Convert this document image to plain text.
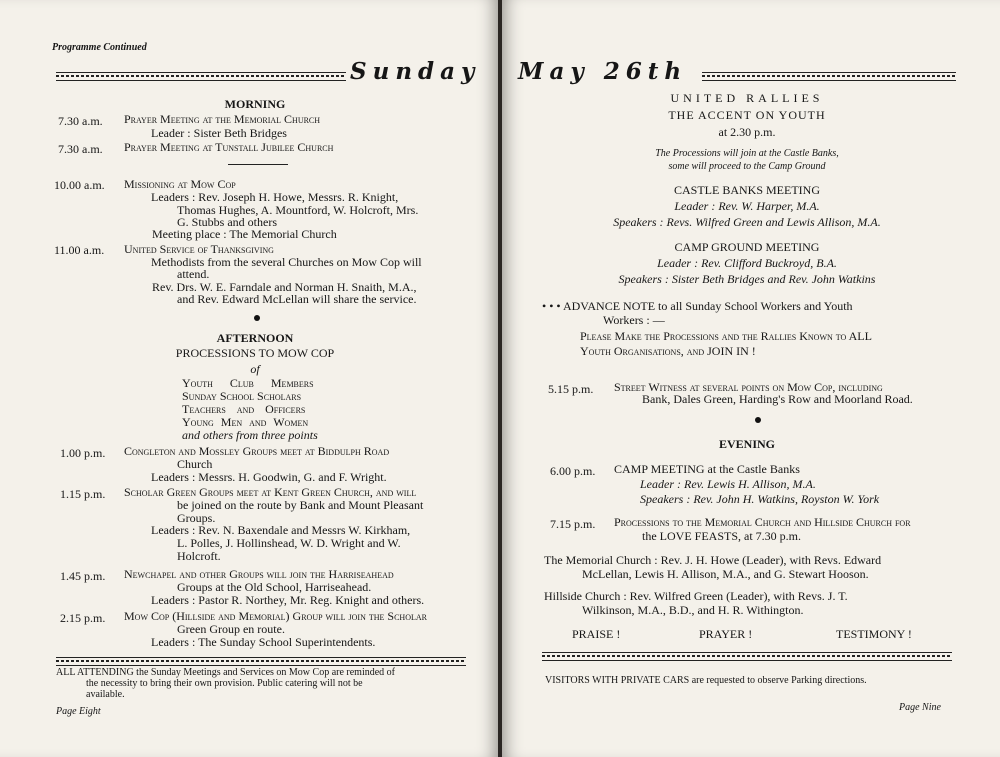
Programme Continued
Sunday
MORNING
7.30 a.m. Prayer Meeting at the Memorial Church
Leader : Sister Beth Bridges
7.30 a.m. Prayer Meeting at Tunstall Jubilee Church
10.00 a.m. Missioning at Mow Cop
Leaders : Rev. Joseph H. Howe, Messrs. R. Knight,
Thomas Hughes, A. Mountford, W. Holcroft, Mrs.
G. Stubbs and others
Meeting place : The Memorial Church
11.00 a.m. United Service of Thanksgiving
Methodists from the several Churches on Mow Cop will
attend.
Rev. Drs. W. E. Farndale and Norman H. Snaith, M.A.,
and Rev. Edward McLellan will share the service.
AFTERNOON
PROCESSIONS TO MOW COP
of
Youth Club Members
Sunday School Scholars
Teachers and Officers
Young Men and Women
and others from three points
1.00 p.m. Congleton and Mossley Groups meet at Biddulph Road
Church
Leaders : Messrs. H. Goodwin, G. and F. Wright.
1.15 p.m. Scholar Green Groups meet at Kent Green Church, and will
be joined on the route by Bank and Mount Pleasant
Groups.
Leaders : Rev. N. Baxendale and Messrs W. Kirkham,
L. Polles, J. Hollinshead, W. D. Wright and W.
Holcroft.
1.45 p.m. Newchapel and other Groups will join the Harriseahead
Groups at the Old School, Harriseahead.
Leaders : Pastor R. Northey, Mr. Reg. Knight and others.
2.15 p.m. Mow Cop (Hillside and Memorial) Group will join the Scholar
Green Group en route.
Leaders : The Sunday School Superintendents.
ALL ATTENDING the Sunday Meetings and Services on Mow Cop are reminded of
the necessity to bring their own provision. Public catering will not be
available.
Page Eight
May 26th
UNITED RALLIES
THE ACCENT ON YOUTH
at 2.30 p.m.
The Processions will join at the Castle Banks,
some will proceed to the Camp Ground
CASTLE BANKS MEETING
Leader : Rev. W. Harper, M.A.
Speakers : Revs. Wilfred Green and Lewis Allison, M.A.
CAMP GROUND MEETING
Leader : Rev. Clifford Buckroyd, B.A.
Speakers : Sister Beth Bridges and Rev. John Watkins
• • • ADVANCE NOTE to all Sunday School Workers and Youth
Workers : —
Please Make the Processions and the Rallies Known to ALL
Youth Organisations, and JOIN IN !
5.15 p.m. Street Witness at several points on Mow Cop, including
Bank, Dales Green, Harding's Row and Moorland Road.
EVENING
6.00 p.m. CAMP MEETING at the Castle Banks
Leader : Rev. Lewis H. Allison, M.A.
Speakers : Rev. John H. Watkins, Royston W. York
7.15 p.m. Processions to the Memorial Church and Hillside Church for
the LOVE FEASTS, at 7.30 p.m.
The Memorial Church : Rev. J. H. Howe (Leader), with Revs. Edward
McLellan, Lewis H. Allison, M.A., and G. Stewart Hooson.
Hillside Church : Rev. Wilfred Green (Leader), with Revs. J. T.
Wilkinson, M.A., B.D., and H. R. Withington.
PRAISE !	PRAYER !	TESTIMONY !
VISITORS WITH PRIVATE CARS are requested to observe Parking directions.
Page Nine
